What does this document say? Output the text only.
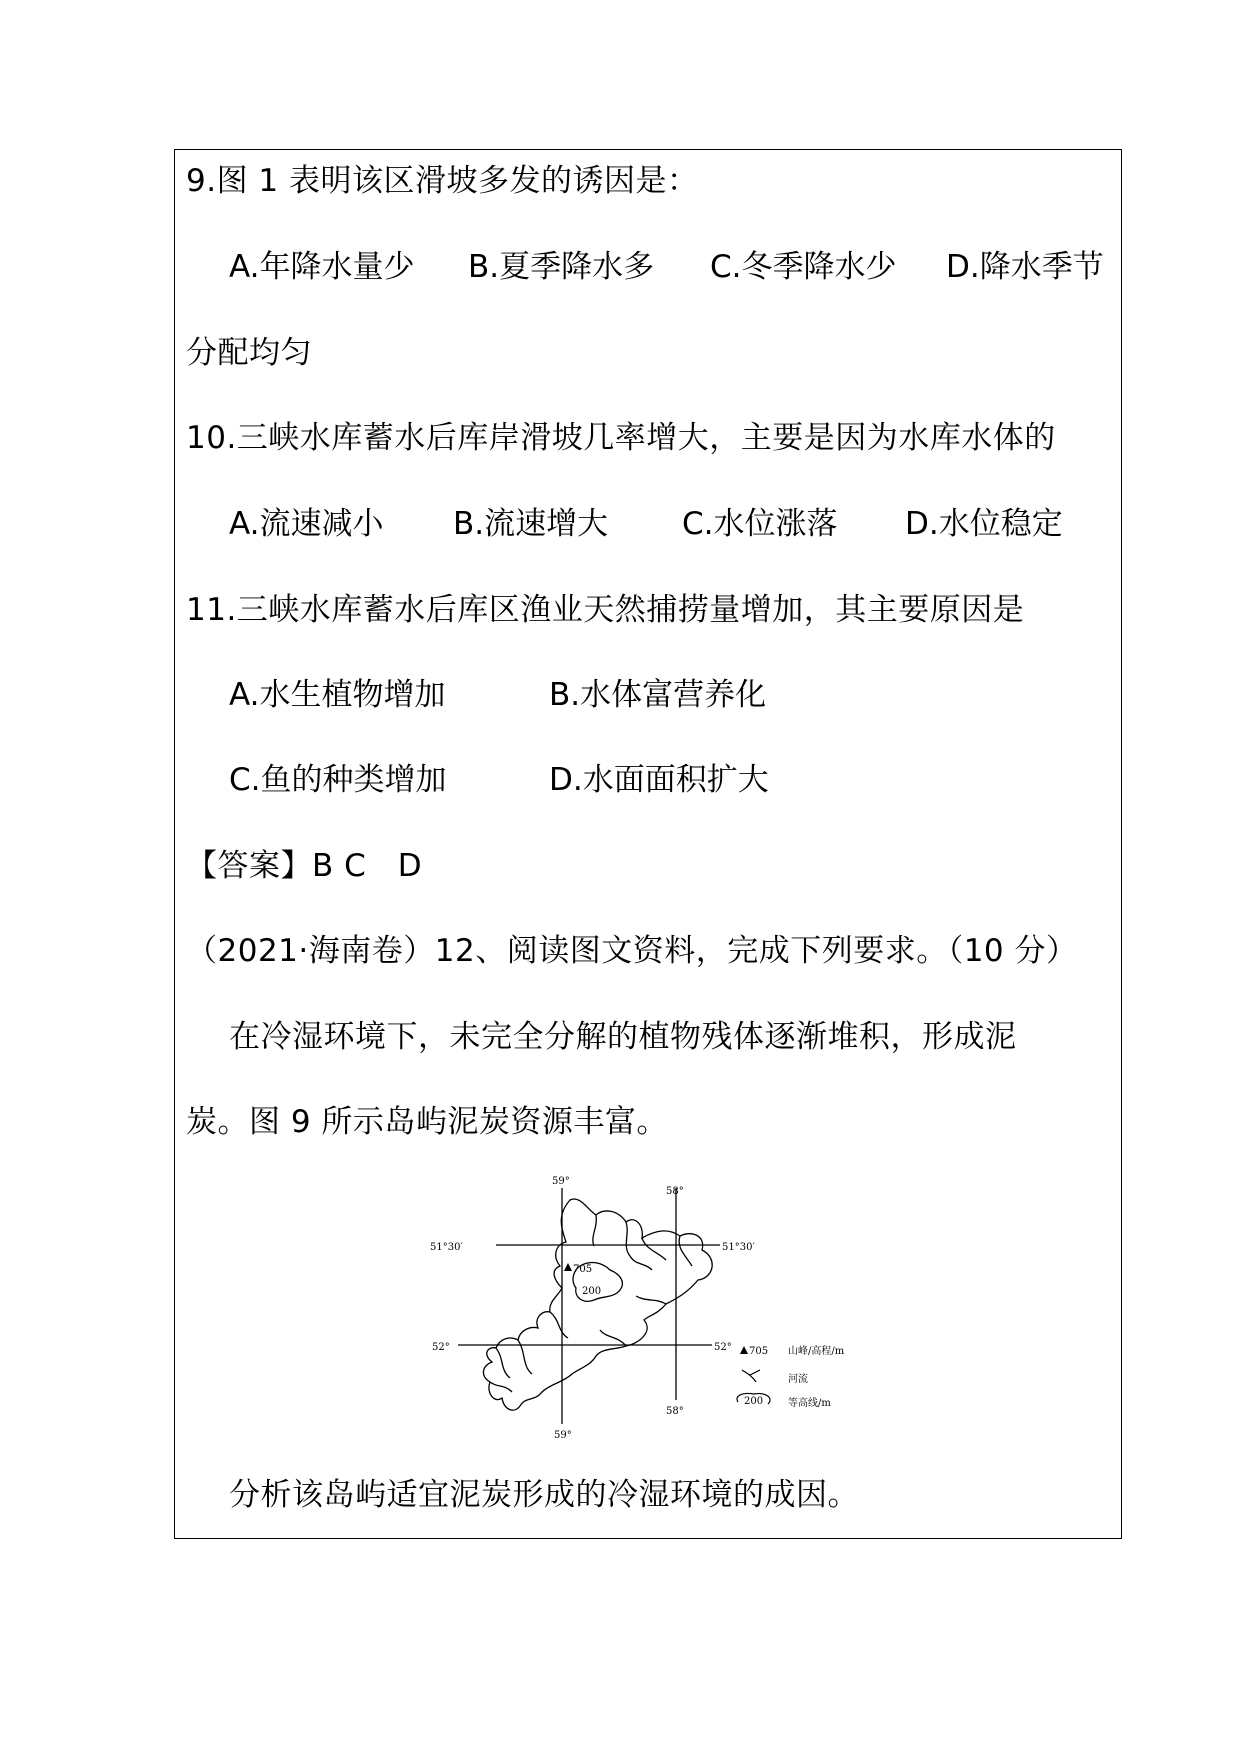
9.图 1 表明该区滑坡多发的诱因是：
A.年降水量少 B.夏季降水多 C.冬季降水少 D.降水季节
分配均匀
10.三峡水库蓄水后库岸滑坡几率增大，主要是因为水库水体的
A.流速减小 B.流速增大 C.水位涨落 D.水位稳定
11.三峡水库蓄水后库区渔业天然捕捞量增加，其主要原因是
A.水生植物增加	B.水体富营养化
C.鱼的种类增加	D.水面面积扩大
【答案】B C　D
（2021·海南卷）12、阅读图文资料，完成下列要求。（10 分）
在冷湿环境下，未完全分解的植物残体逐渐堆积，形成泥
炭。图 9 所示岛屿泥炭资源丰富。
705
200
59°
58°
51°30′	51°30′
52°	52°
58°
59°
705 山峰/高程/m
河流
200 等高线/m
分析该岛屿适宜泥炭形成的冷湿环境的成因。
